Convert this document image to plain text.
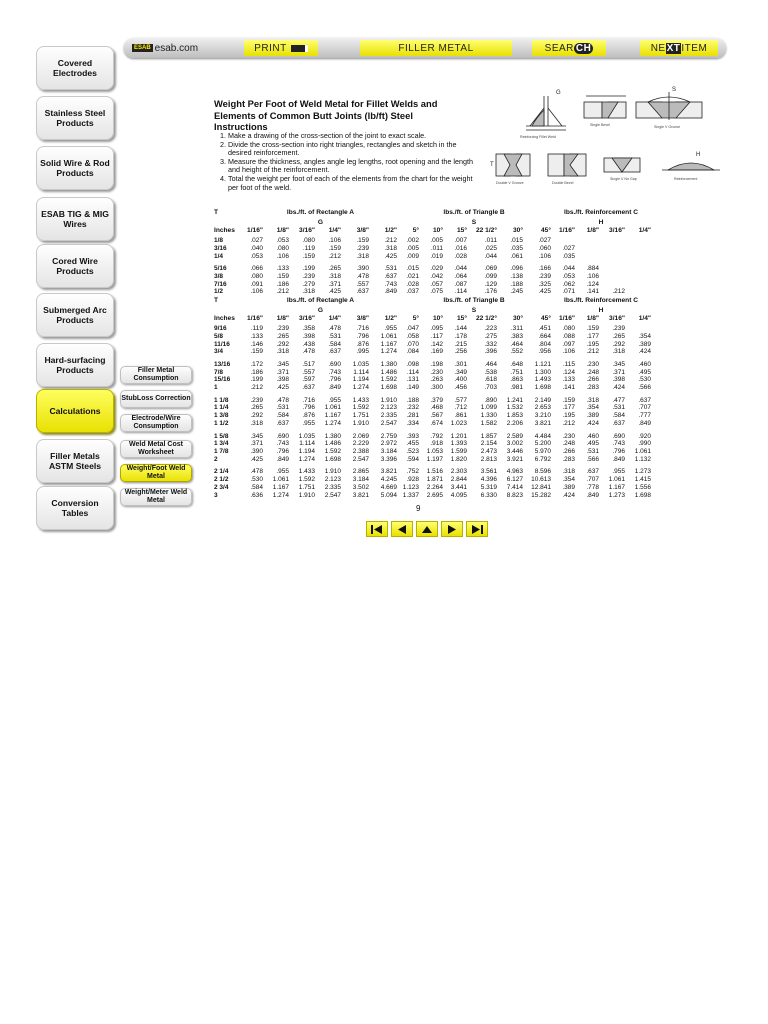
ESAB esab.com	PRINT	FILLER METAL	SEAR CH	NE XT ITEM
Covered Electrodes
Stainless Steel Products
Solid Wire & Rod Products
ESAB TIG & MIG Wires
Cored Wire Products
Submerged Arc Products
Hard-surfacing Products
Calculations
Filler Metals ASTM Steels
Conversion Tables
Filler Metal Consumption
StubLoss Correction
Electrode/Wire Consumption
Weld Metal Cost Worksheet
Weight/Foot Weld Metal
Weight/Meter Weld Metal
Weight Per Foot of Weld Metal for Fillet Welds and Elements of Common Butt Joints (lb/ft) Steel Instructions
1. Make a drawing of the cross-section of the joint to exact scale.
2. Divide the cross-section into right triangles, rectangles and sketch in the desired reinforcement.
3. Measure the thickness, angles angle leg lengths, root opening and the length and height of the reinforcement.
4. Total the weight per foot of each of the elements from the chart for the weight per foot of the weld.
G	S
H
T
Reinforcing Fillet Weld
Single Bevel	Single V Groove
Double V Groove	Double Bevel
Single V No Gap	Reinforcement
T	lbs./ft. of Rectangle A						lbs./ft. of Triangle B						lbs./ft. Reinforcement C			
	G						S						H			
Inches	1/16"	1/8"	3/16"	1/4"	3/8"	1/2"	5°	10°	15°	22 1/2°	30°	45°	1/16"	1/8"	3/16"	1/4"
1/8	.027	.053	.080	.106	.159	.212	.002	.005	.007	.011	.015	.027				
3/16	.040	.080	.119	.159	.239	.318	.005	.011	.016	.025	.035	.060	.027			
1/4	.053	.106	.159	.212	.318	.425	.009	.019	.028	.044	.061	.106	.035			

5/16	.066	.133	.199	.265	.390	.531	.015	.029	.044	.069	.096	.166	.044	.884		
3/8	.080	.159	.239	.318	.478	.637	.021	.042	.064	.099	.138	.239	.053	.106		
7/16	.091	.186	.279	.371	.557	.743	.028	.057	.087	.129	.188	.325	.062	.124		
1/2	.106	.212	.318	.425	.637	.849	.037	.075	.114	.176	.245	.425	.071	.141	.212	
T	lbs./ft. of Rectangle A						lbs./ft. of Triangle B						lbs./ft. Reinforcement C			
	G						S						H			
Inches	1/16"	1/8"	3/16"	1/4"	3/8"	1/2"	5°	10°	15°	22 1/2°	30°	45°	1/16"	1/8"	3/16"	1/4"
9/16	.119	.239	.358	.478	.716	.955	.047	.095	.144	.223	.311	.451	.080	.159	.239	
5/8	.133	.265	.398	.531	.796	1.061	.058	.117	.178	.275	.383	.664	.088	.177	.265	.354
11/16	.146	.292	.438	.584	.876	1.167	.070	.142	.215	.332	.464	.804	.097	.195	.292	.389
3/4	.159	.318	.478	.637	.995	1.274	.084	.169	.256	.396	.552	.956	.106	.212	.318	.424

13/16	.172	.345	.517	.690	1.035	1.380	.098	.198	.301	.464	.648	1.121	.115	.230	.345	.460
7/8	.186	.371	.557	.743	1.114	1.486	.114	.230	.349	.538	.751	1.300	.124	.248	.371	.495
15/16	.199	.398	.597	.796	1.194	1.592	.131	.263	.400	.618	.863	1.493	.133	.266	.398	.530
1	.212	.425	.637	.849	1.274	1.698	.149	.300	.456	.703	.981	1.698	.141	.283	.424	.566

1 1/8	.239	.478	.716	.955	1.433	1.910	.188	.379	.577	.890	1.241	2.149	.159	.318	.477	.637
1 1/4	.265	.531	.796	1.061	1.592	2.123	.232	.468	.712	1.099	1.532	2.653	.177	.354	.531	.707
1 3/8	.292	.584	.876	1.167	1.751	2.335	.281	.567	.861	1.330	1.853	3.210	.195	.389	.584	.777
1 1/2	.318	.637	.955	1.274	1.910	2.547	.334	.674	1.023	1.582	2.206	3.821	.212	.424	.637	.849

1 5/8	.345	.690	1.035	1.380	2.069	2.759	.393	.792	1.201	1.857	2.589	4.484	.230	.460	.690	.920
1 3/4	.371	.743	1.114	1.486	2.229	2.972	.455	.918	1.393	2.154	3.002	5.200	.248	.495	.743	.990
1 7/8	.390	.796	1.194	1.592	2.388	3.184	.523	1.053	1.599	2.473	3.446	5.970	.266	.531	.796	1.061
2	.425	.849	1.274	1.698	2.547	3.396	.594	1.197	1.820	2.813	3.921	6.792	.283	.566	.849	1.132

2 1/4	.478	.955	1.433	1.910	2.865	3.821	.752	1.516	2.303	3.561	4.963	8.596	.318	.637	.955	1.273
2 1/2	.530	1.061	1.592	2.123	3.184	4.245	.928	1.871	2.844	4.396	6.127	10.613	.354	.707	1.061	1.415
2 3/4	.584	1.167	1.751	2.335	3.502	4.669	1.123	2.264	3.441	5.319	7.414	12.841	.389	.778	1.167	1.556
3	.636	1.274	1.910	2.547	3.821	5.094	1.337	2.695	4.095	6.330	8.823	15.282	.424	.849	1.273	1.698
9
